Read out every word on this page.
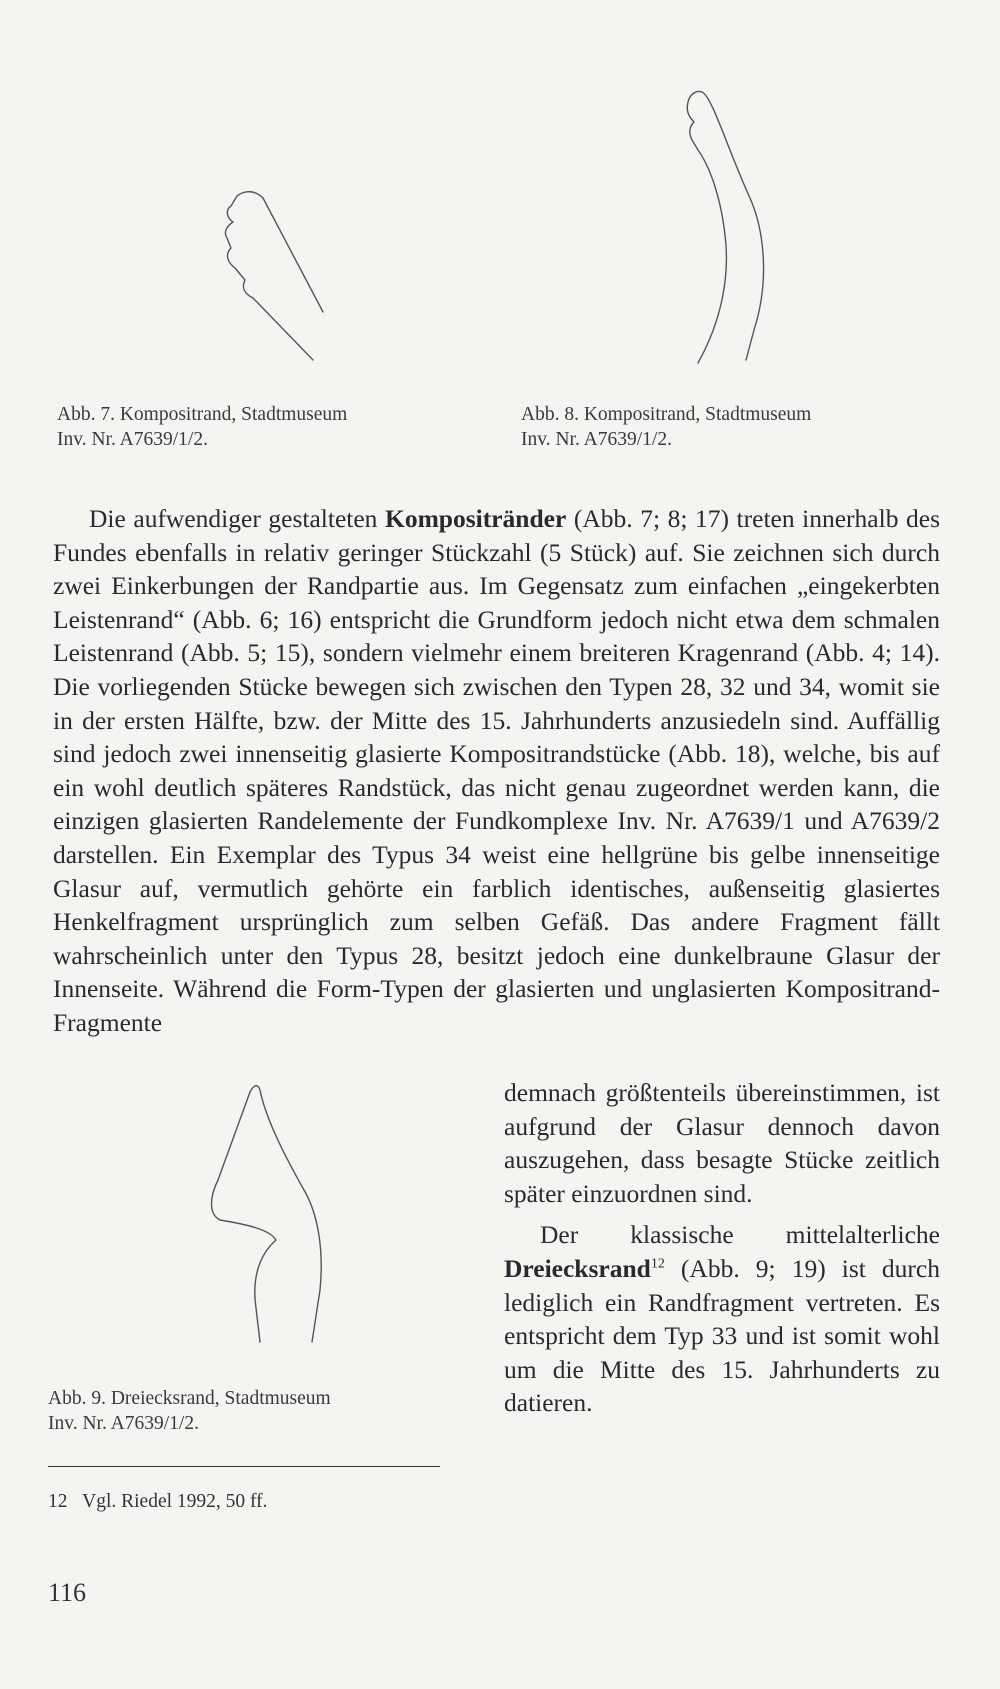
Abb. 7. Kompositrand, Stadtmuseum
Inv. Nr. A7639/1/2.
Abb. 8. Kompositrand, Stadtmuseum
Inv. Nr. A7639/1/2.

Die aufwendiger gestalteten Kompositränder (Abb. 7; 8; 17) treten innerhalb des Fundes ebenfalls in relativ geringer Stückzahl (5 Stück) auf. Sie zeichnen sich durch zwei Einkerbungen der Randpartie aus. Im Gegensatz zum einfachen „eingekerbten Leistenrand“ (Abb. 6; 16) entspricht die Grundform jedoch nicht etwa dem schmalen Leistenrand (Abb. 5; 15), sondern vielmehr einem breiteren Kragenrand (Abb. 4; 14). Die vorliegenden Stücke bewegen sich zwischen den Typen 28, 32 und 34, womit sie in der ersten Hälfte, bzw. der Mitte des 15. Jahrhunderts anzusiedeln sind. Auffällig sind jedoch zwei innenseitig glasierte Kompositrandstücke (Abb. 18), welche, bis auf ein wohl deutlich späteres Randstück, das nicht genau zugeordnet werden kann, die einzigen glasierten Randelemente der Fundkomplexe Inv. Nr. A7639/1 und A7639/2 darstellen. Ein Exemplar des Typus 34 weist eine hellgrüne bis gelbe innenseitige Glasur auf, vermutlich gehörte ein farblich identisches, außenseitig glasiertes Henkelfragment ursprünglich zum selben Gefäß. Das andere Fragment fällt wahrscheinlich unter den Typus 28, besitzt jedoch eine dunkelbraune Glasur der Innenseite. Während die Form-Typen der glasierten und unglasierten Kompositrand-Fragmente

demnach größtenteils übereinstimmen, ist aufgrund der Glasur dennoch davon auszugehen, dass besagte Stücke zeitlich später einzuordnen sind.

Der klassische mittelalterliche Dreiecksrand$^{12}$ (Abb. 9; 19) ist durch lediglich ein Randfragment vertreten. Es entspricht dem Typ 33 und ist somit wohl um die Mitte des 15. Jahrhunderts zu datieren.

Abb. 9. Dreiecksrand, Stadtmuseum
Inv. Nr. A7639/1/2.
12 Vgl. Riedel 1992, 50 ff.
116
